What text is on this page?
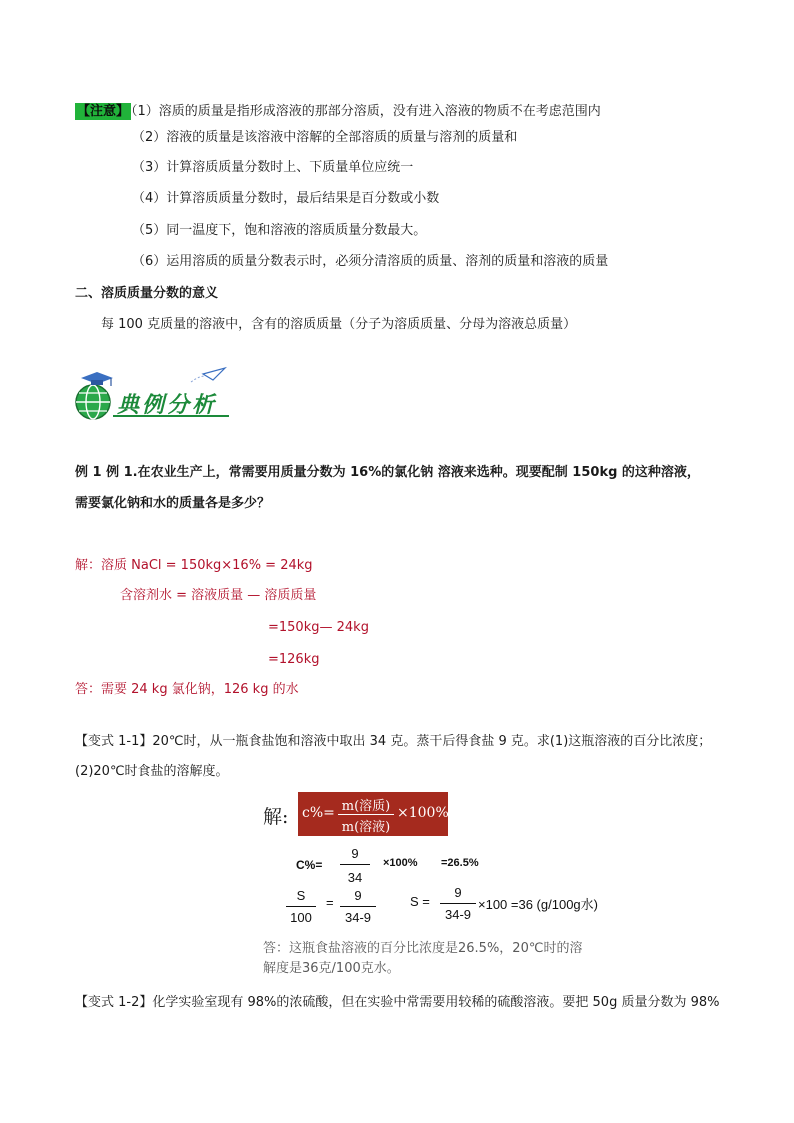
【注意】 （1）溶质的质量是指形成溶液的那部分溶质，没有进入溶液的物质不在考虑范围内
（2）溶液的质量是该溶液中溶解的全部溶质的质量与溶剂的质量和
（3）计算溶质质量分数时上、下质量单位应统一
（4）计算溶质质量分数时，最后结果是百分数或小数
（5）同一温度下，饱和溶液的溶质质量分数最大。
（6）运用溶质的质量分数表示时，必须分清溶质的质量、溶剂的质量和溶液的质量
二、溶质质量分数的意义
每 100 克质量的溶液中，含有的溶质质量（分子为溶质质量、分母为溶液总质量）
典例分析
例 1 例 1.在农业生产上，常需要用质量分数为 16%的氯化钠 溶液来选种。现要配制 150kg 的这种溶液，
需要氯化钠和水的质量各是多少？
解：溶质 NaCl = 150kg×16% = 24kg
含溶剂水 = 溶液质量 — 溶质质量
=150kg— 24kg
=126kg
答：需要 24 kg 氯化钠，126 kg 的水
【变式 1-1】20℃时，从一瓶食盐饱和溶液中取出 34 克。蒸干后得食盐 9 克。求(1)这瓶溶液的百分比浓度；
(2)20℃时食盐的溶解度。
解: c%= m(溶质)
m(溶液)
×100%
C%=
9
34
×100% =26.5%
S
100
=	9
34-9
S =
9
34-9
×100 =36 (g/100g水)
答：这瓶食盐溶液的百分比浓度是26.5%，20℃时的溶
解度是36克/100克水。
【变式 1-2】化学实验室现有 98%的浓硫酸，但在实验中常需要用较稀的硫酸溶液。要把 50g 质量分数为 98%
